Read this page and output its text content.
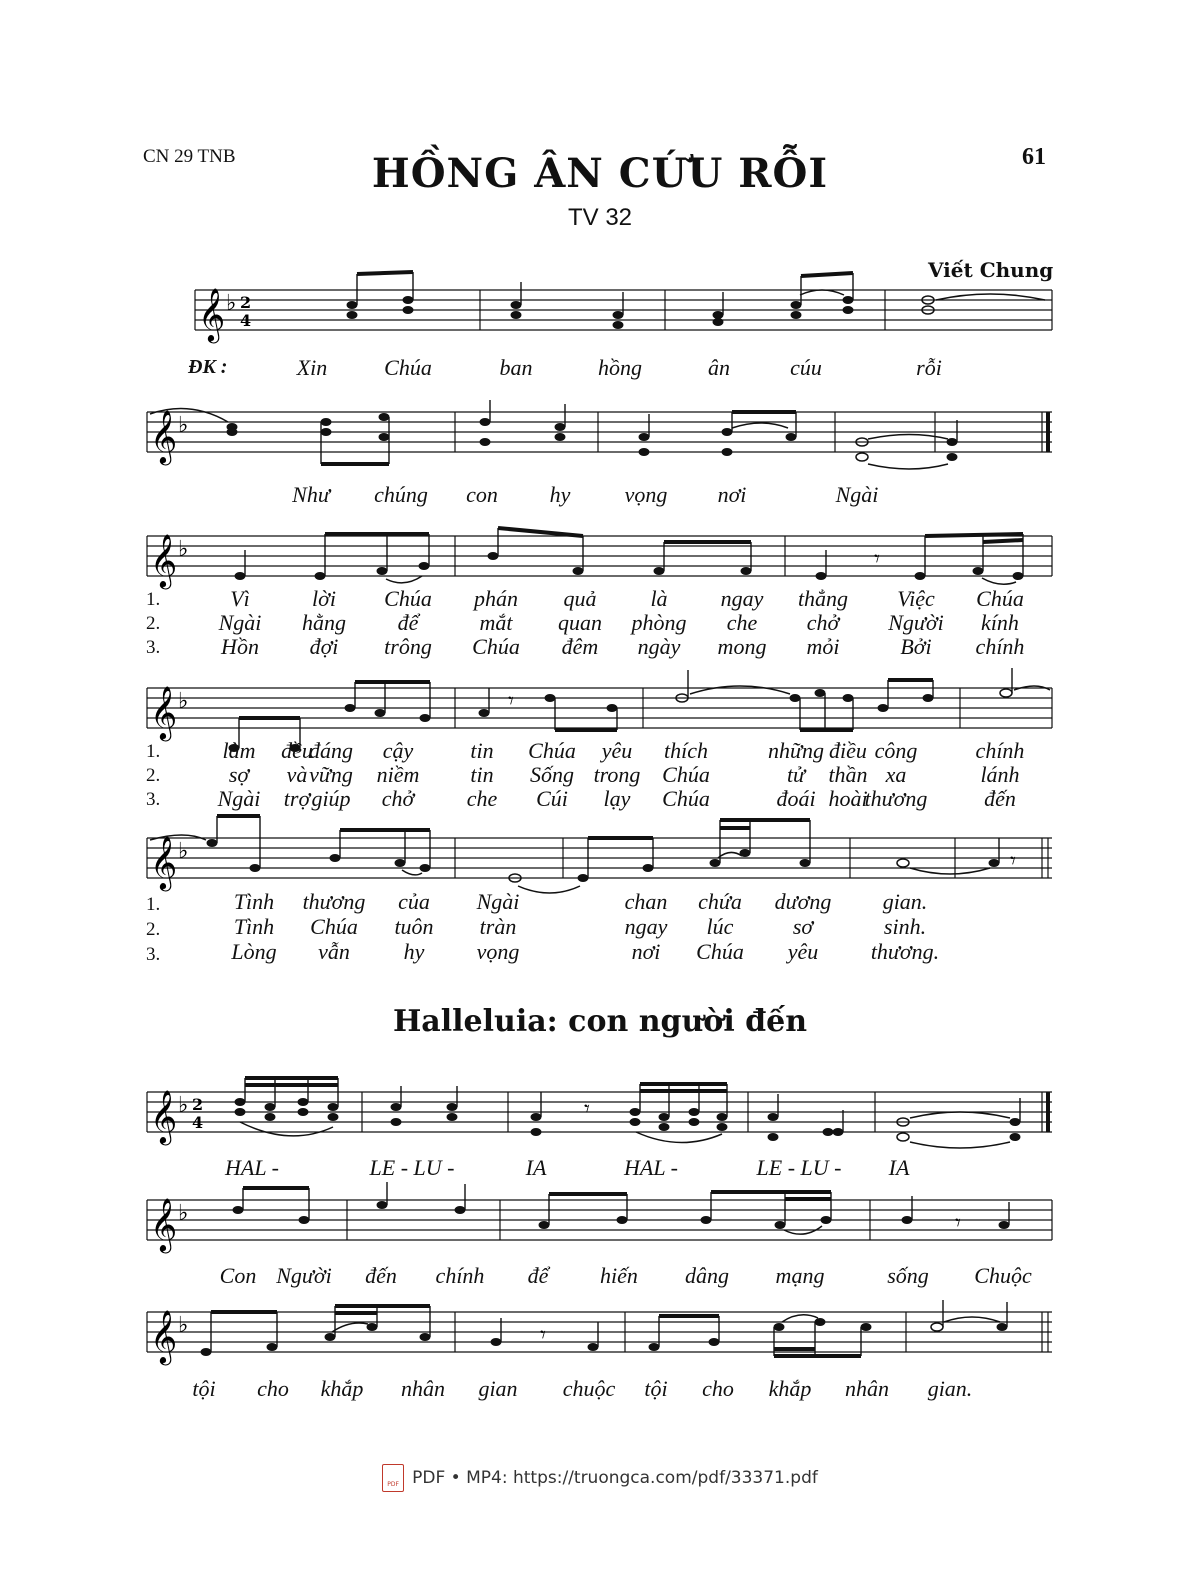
CN 29 TNB	61
HỒNG ÂN CỨU RỖI
TV 32
Viết Chung
𝄞 ♭ 2
4
ĐK :	Xin	Chúa	ban	hồng	ân	cúu	rỗi
𝄞 ♭
Như chúng con hy vọng nơi	Ngài
𝄞 ♭	𝄾
1.
2.
3.
Vì	lời Chúa phán quả là ngay thẳng Việc Chúa
Ngài hằng để	mắt quan phòng che chở Người kính
Hồn đợi trông Chúa đêm ngày mong mỏi	Bởi chính
𝄞 ♭	𝄾
1.
2.
3.
làm đều
đáng cậy	tin Chúa yêu thích	những điều công	chính
sợ và vững niềm tin Sống trong Chúa	tử thần xa	lánh
Ngài trợ giúp chở che Cúi lạy Chúa	đoái hoài
thương	đến
𝄞 ♭	𝄾
1.
2.
3.
Tình thương của Ngài	chan chứa dương gian.
Tình Chúa tuôn tràn	ngay lúc	sơ	sinh.
Lòng vẫn hy vọng	nơi Chúa yêu thương.
Halleluia: con người đến
𝄞 ♭ 2
4
𝄾
HAL -	LE - LU -	IA	HAL -	LE - LU - IA
𝄞 ♭	𝄾
Con Người đến chính để hiến dâng mạng	sống Chuộc
𝄞 ♭	𝄾
tội cho khắp nhân gian chuộc tội cho khắp nhân gian.
PDF PDF • MP4: https://truongca.com/pdf/33371.pdf
